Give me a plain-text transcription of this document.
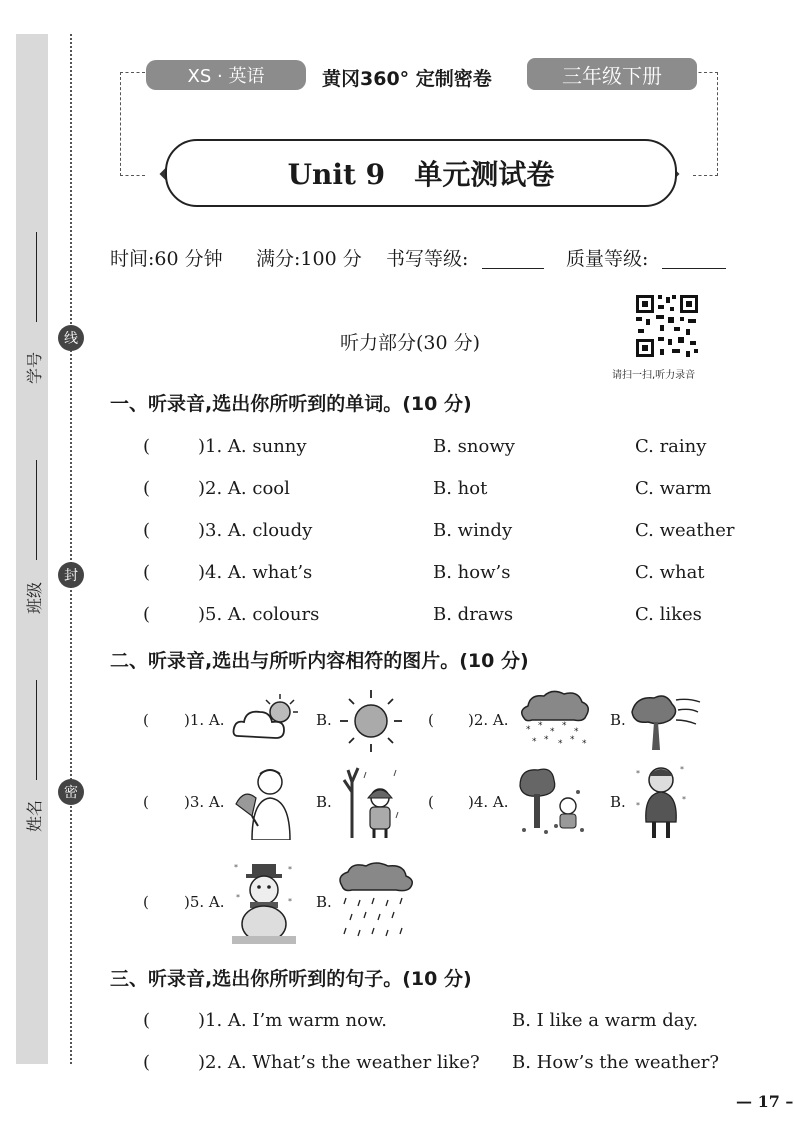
学号
班级
姓名
线
封
密
XS · 英语	黄冈360° 定制密卷	三年级下册
Unit 9   单元测试卷
时间:60 分钟 满分:100 分 书写等级:	质量等级:
听力部分(30 分)
请扫一扫,听力录音
一、听录音,选出你所听到的单词。(10 分)
(	)1. A. sunny	B. snowy	C. rainy
(	)2. A. cool	B. hot	C. warm
(	)3. A. cloudy	B. windy	C. weather
(	)4. A. what’s	B. how’s	C. what
(	)5. A. colours	B. draws	C. likes
二、听录音,选出与所听内容相符的图片。(10 分)
( )1. A.	B.	( )2. A.
* *
*
*
*
* * * * *
B.
( )3. A.	B.	( )4. A.	B.
*	*
*
*
( )5. A.
*	*
*	* B.
三、听录音,选出你所听到的句子。(10 分)
(	)1. A. I’m warm now.	B. I like a warm day.
(	)2. A. What’s the weather like? B. How’s the weather?
— 17 –
